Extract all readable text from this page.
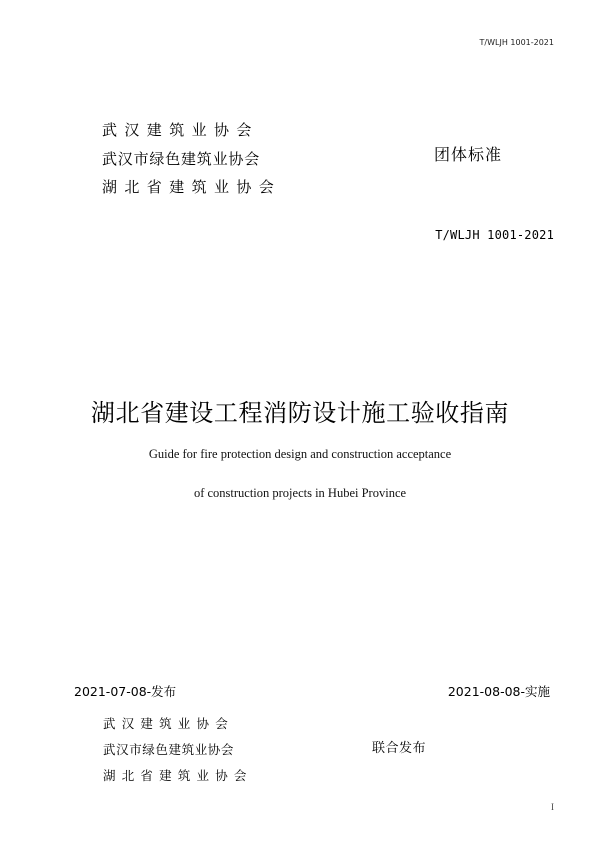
T/WLJH 1001-2021
武汉建筑业协会
武汉市绿色建筑业协会
湖北省建筑业协会
团体标准
T/WLJH 1001-2021
湖北省建设工程消防设计施工验收指南
Guide for fire protection design and construction acceptance
of construction projects in Hubei Province
2021-07-08-发布	2021-08-08-实施
武汉建筑业协会
武汉市绿色建筑业协会
湖北省建筑业协会
联合发布
I
